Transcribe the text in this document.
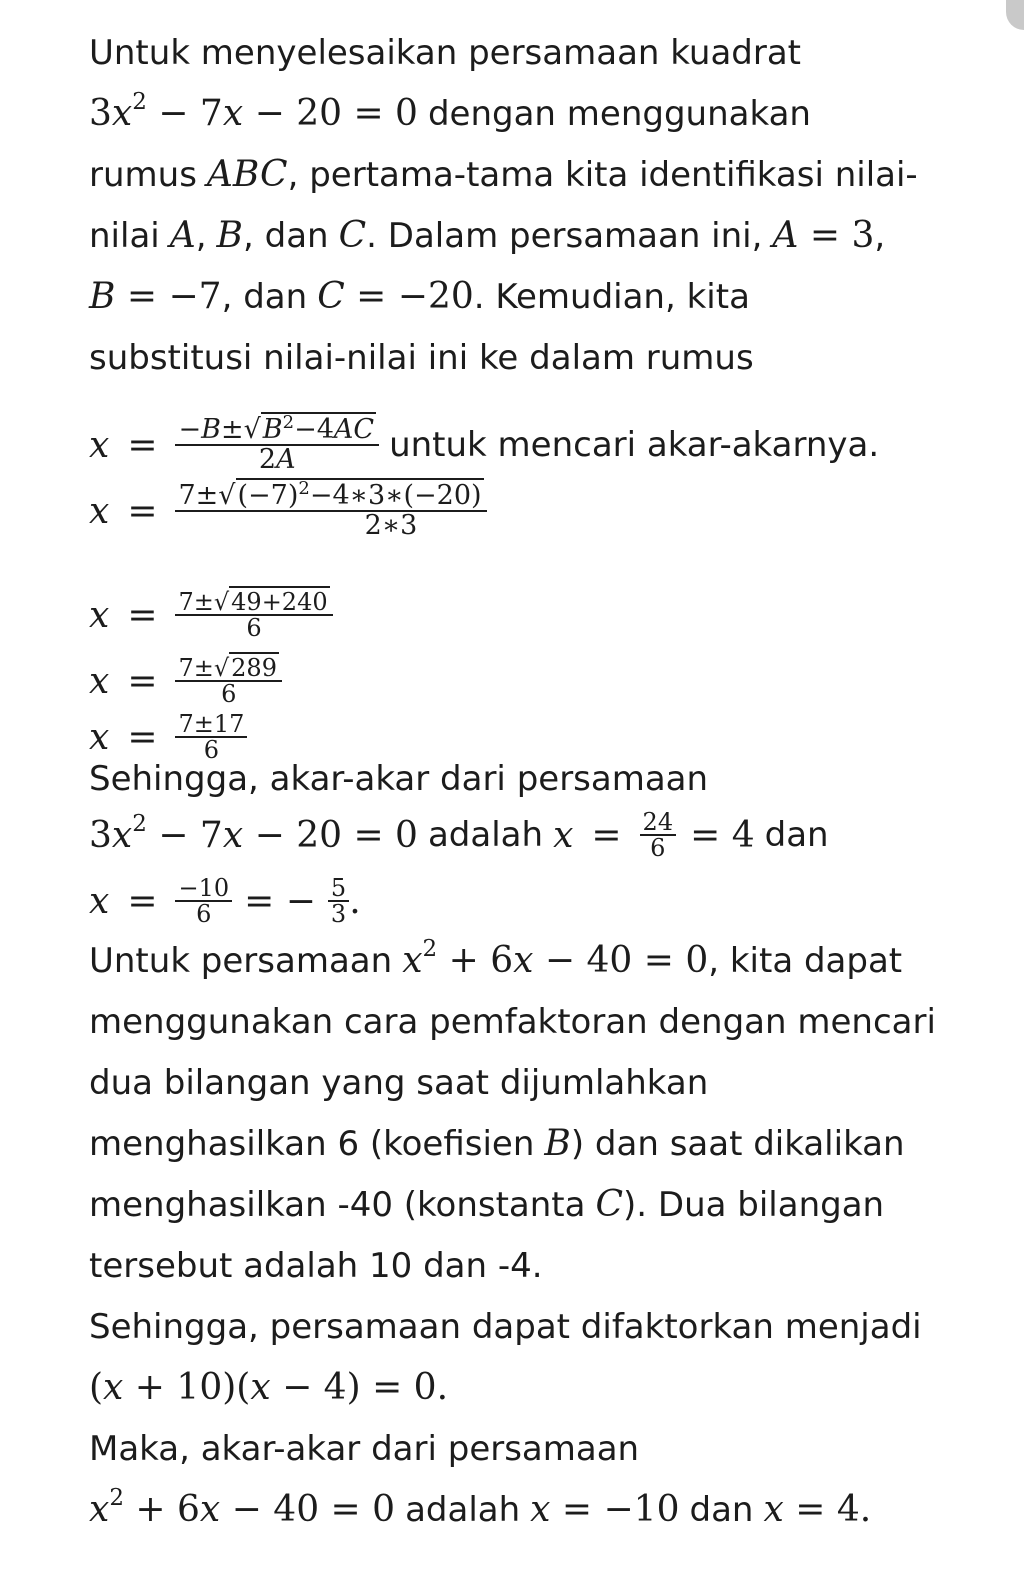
Untuk menyelesaikan persamaan kuadrat
$3x^2 - 7x - 20 = 0$ dengan menggunakan
rumus ABC, pertama-tama kita identifikasi nilai-
nilai A, B, dan C. Dalam persamaan ini, A = 3,
B = −7, dan C = −20. Kemudian, kita
substitusi nilai-nilai ini ke dalam rumus
$x = \frac{-B\pm√B^2-4AC}{2A}$ untuk mencari akar-akarnya.
$x = \frac{7\pm√(-7)^2-4∗3∗(-20)}{2∗3}$
$x = \frac{7\pm√49+240}{6}$
$x = \frac{7\pm√289}{6}$
$x = \frac{7\pm 17}{6}$
Sehingga, akar-akar dari persamaan
$3x^2 - 7x - 20 = 0$ adalah $x = \frac{24}{6} = 4$ dan
$x = \frac{-10}{6}$ = − $\frac{5}{3}$ .
Untuk persamaan $x^2 + 6x - 40 = 0$, kita dapat
menggunakan cara pemfaktoran dengan mencari
dua bilangan yang saat dijumlahkan
menghasilkan 6 (koefisien B) dan saat dikalikan
menghasilkan -40 (konstanta C). Dua bilangan
tersebut adalah 10 dan -4.
Sehingga, persamaan dapat difaktorkan menjadi
(x + 10)(x − 4) = 0.
Maka, akar-akar dari persamaan
$x^2 + 6x - 40 = 0$ adalah x = −10 dan x = 4.
